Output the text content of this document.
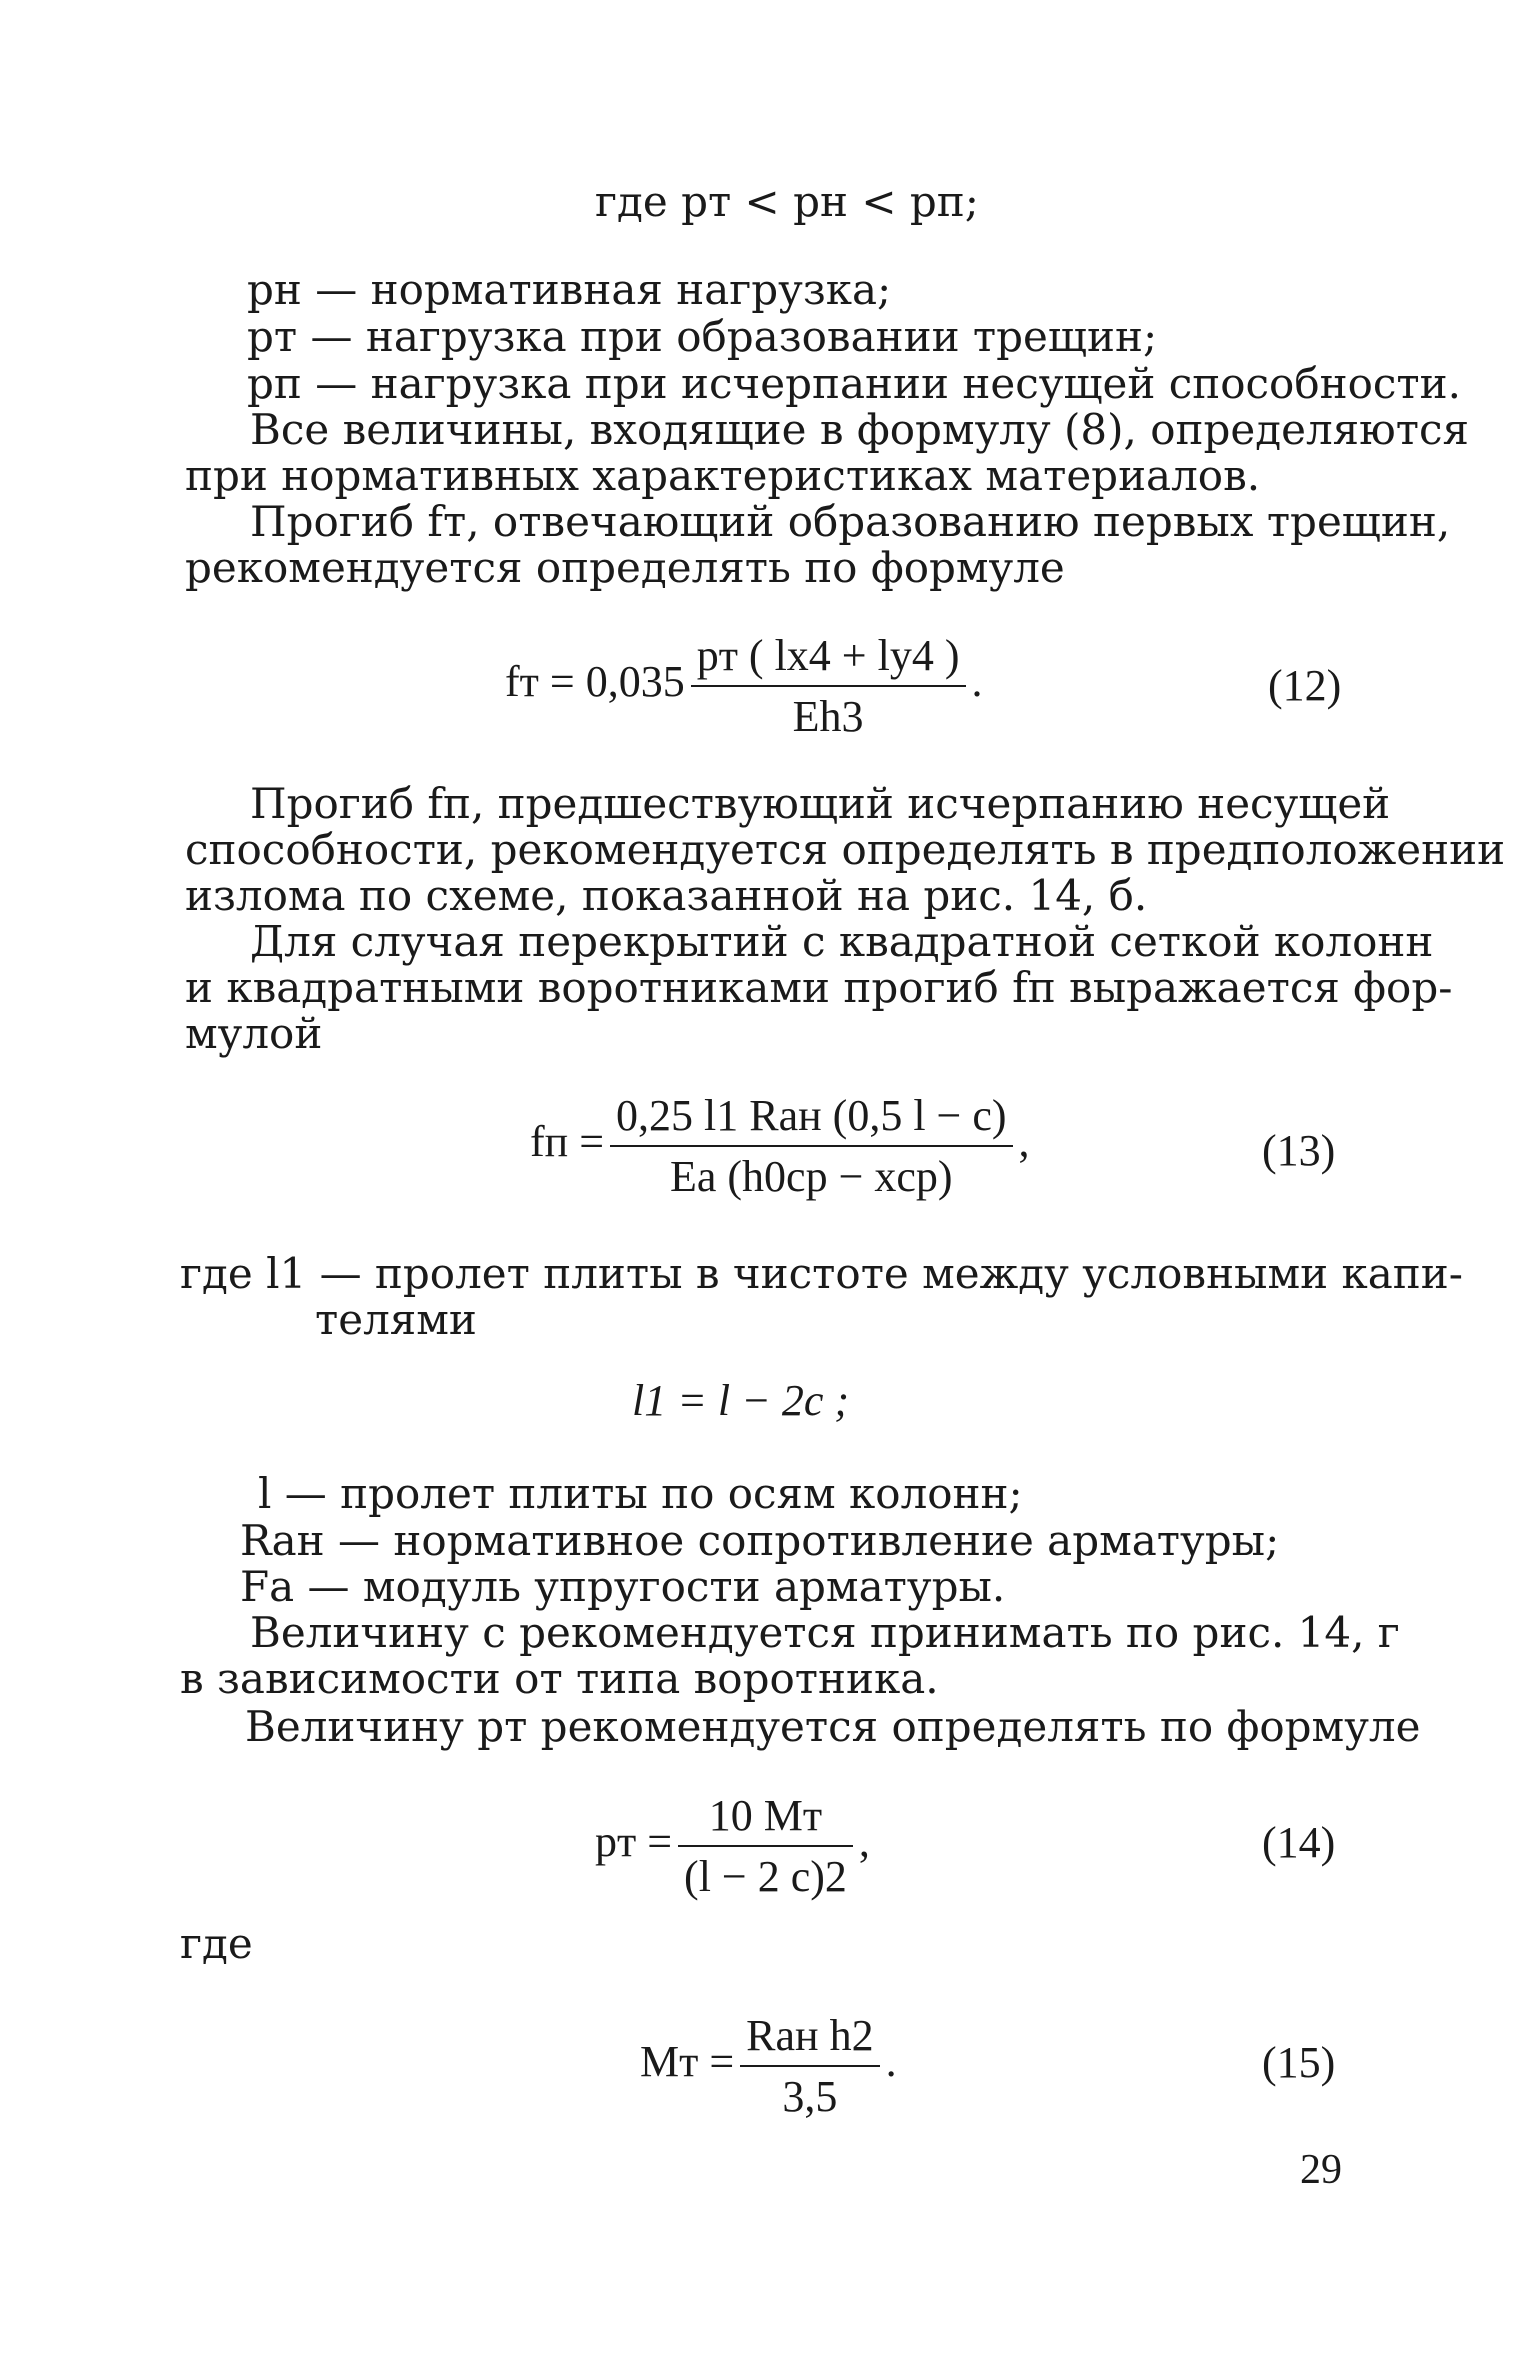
где pт < pн < pп;
pн — нормативная нагрузка;
pт — нагрузка при образовании трещин;
pп — нагрузка при исчерпании несущей способности.
Все величины, входящие в формулу (8), определяются
при нормативных характеристиках материалов.
Прогиб fт, отвечающий образованию первых трещин,
рекомендуется определять по формуле
fт = $0,035 \frac{pт ( lx4 + ly4 )}{Eh3}$ .	(12)
Прогиб fп, предшествующий исчерпанию несущей
способности, рекомендуется определять в предположении
излома по схеме, показанной на рис. 14, б.
Для случая перекрытий с квадратной сеткой колонн
и квадратными воротниками прогиб fп выражается фор-
мулой
fп = $\frac{\text{0,25 l1 Rан (0,5 l − c)}}{\text{Eа (h0ср − xср)}}$ ,	(13)
где l1 — пролет плиты в чистоте между условными капи-
телями
l1 = l − 2c ;
l — пролет плиты по осям колонн;
Rан — нормативное сопротивление арматуры;
Fа — модуль упругости арматуры.
Величину c рекомендуется принимать по рис. 14, г
в зависимости от типа воротника.
Величину pт рекомендуется определять по формуле
pт = $\frac{10 Mт}{(l - 2 c)2}$ ,	(14)
где
Mт = $\frac{\text{Rан h2}}{3,5}$ .	(15)
29
